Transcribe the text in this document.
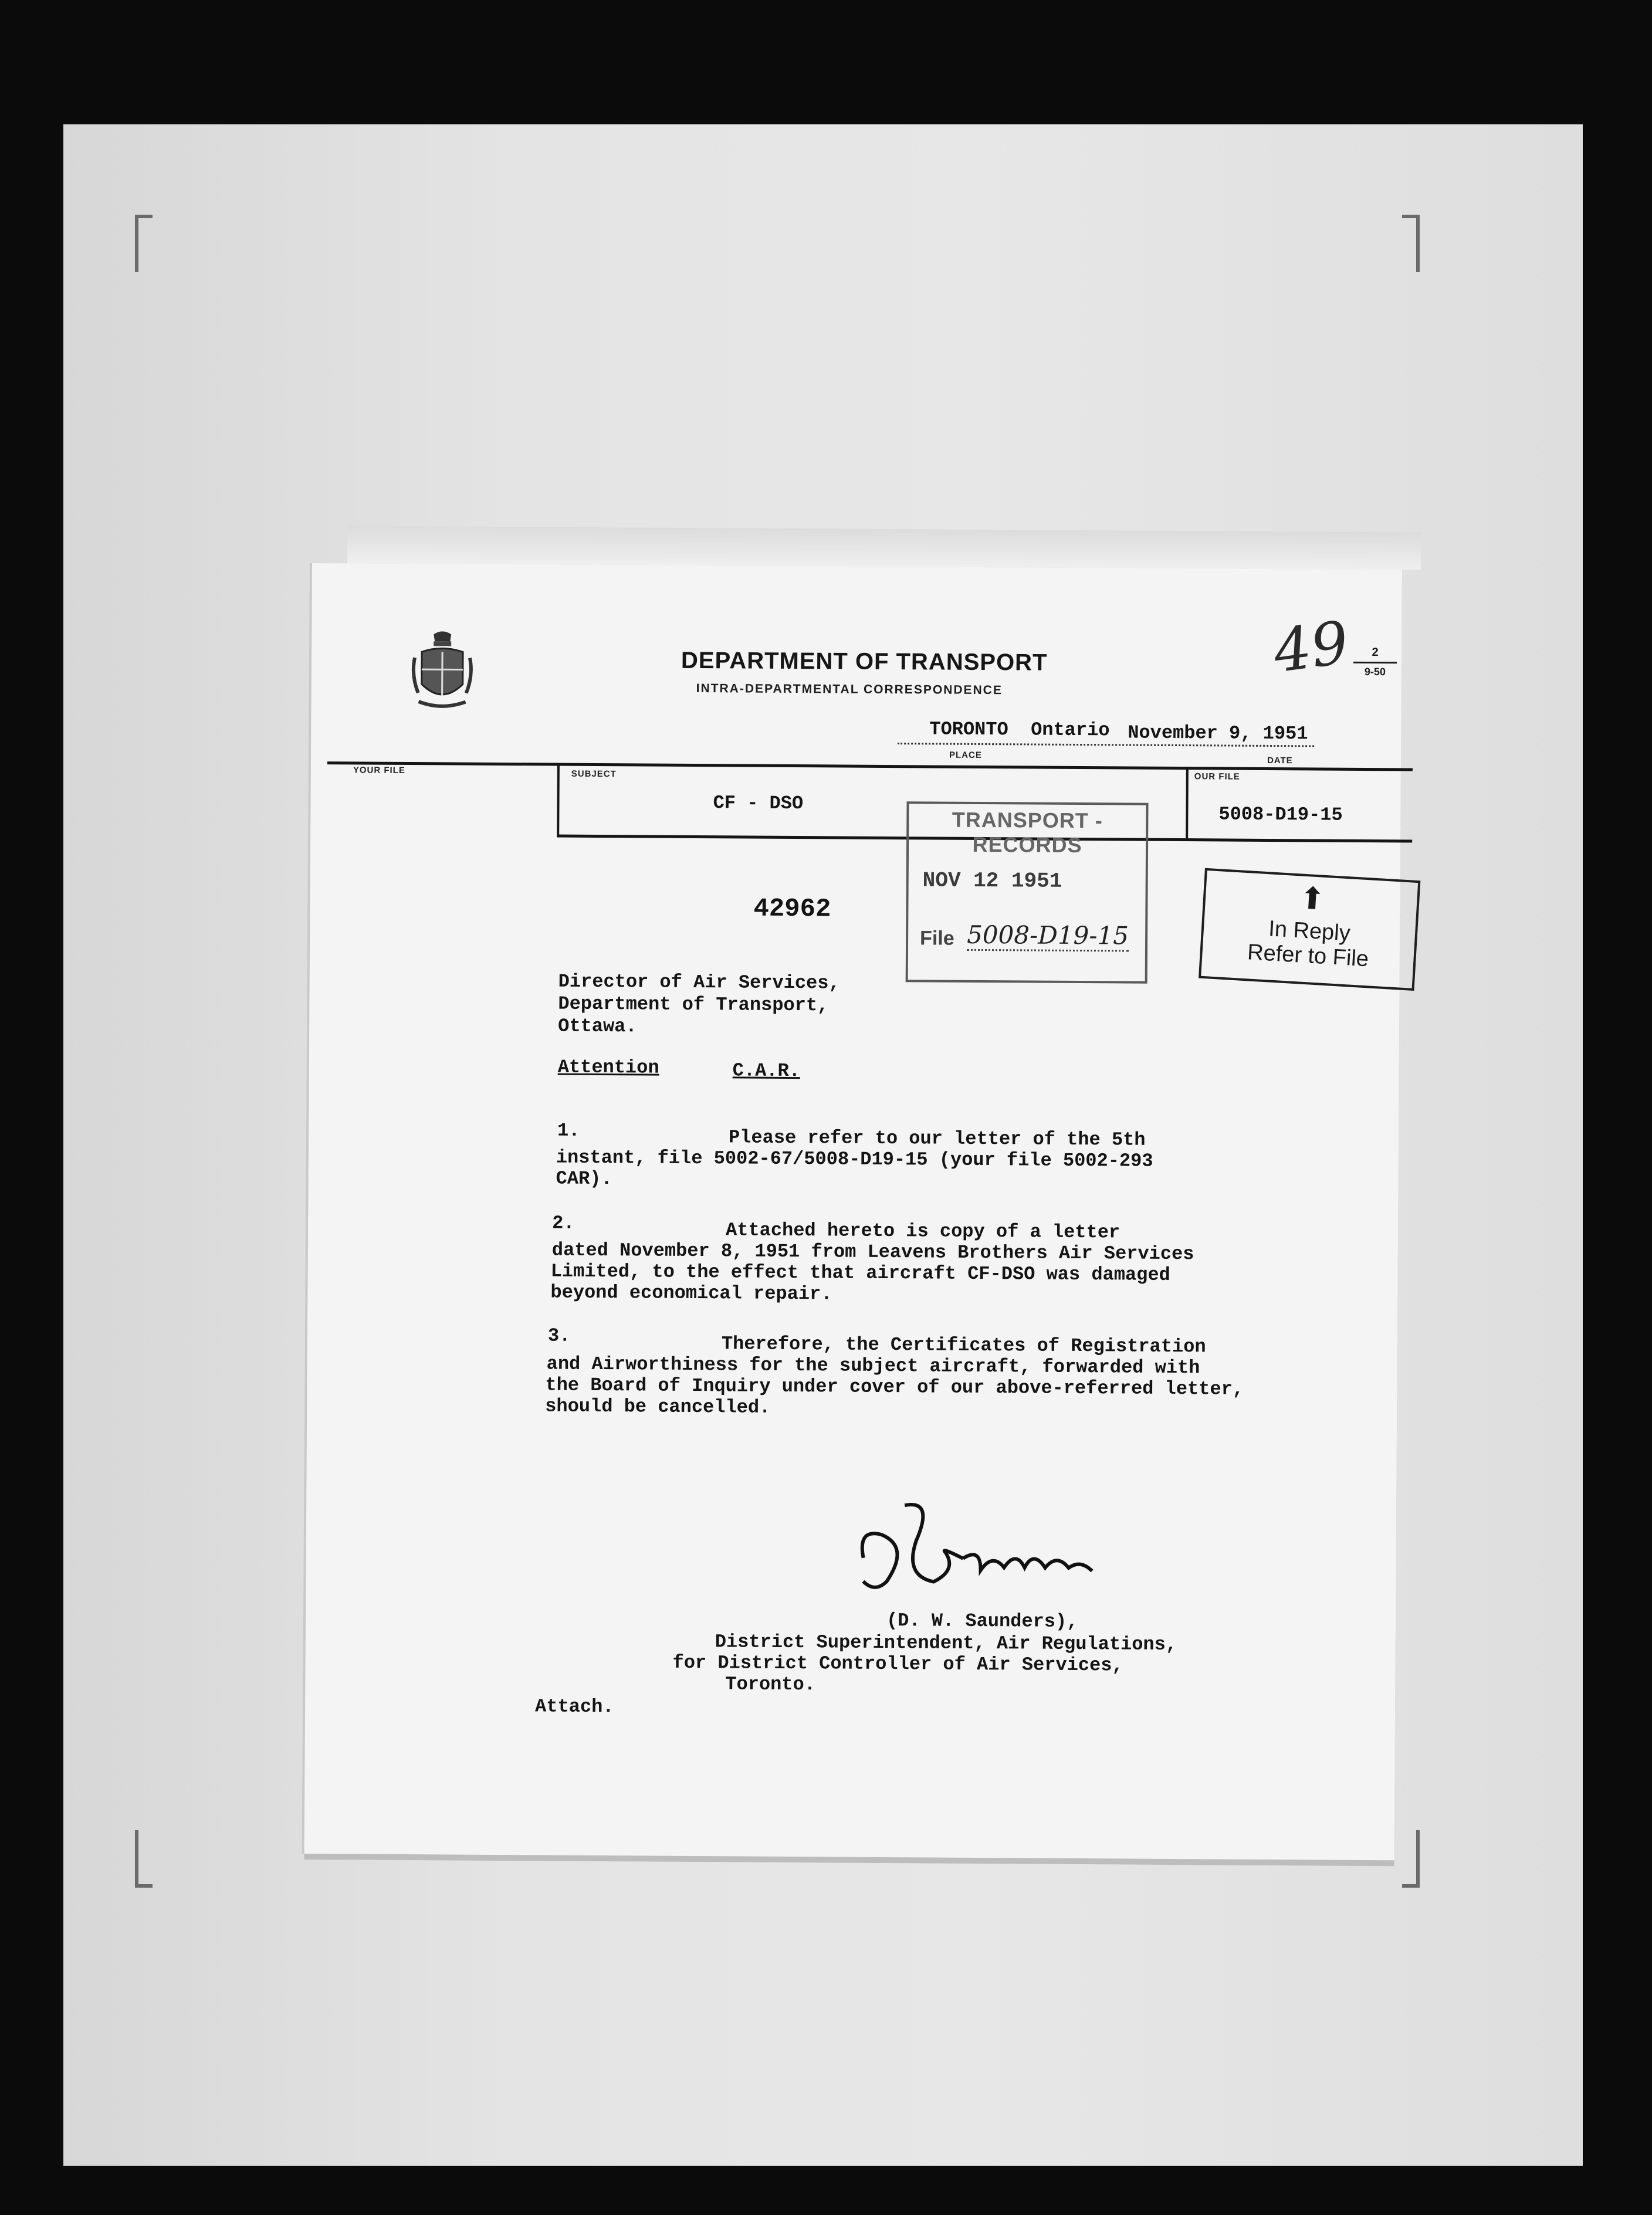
49
DEPARTMENT OF TRANSPORT
INTRA-DEPARTMENTAL CORRESPONDENCE
2
9-50
TORONTO  Ontario November 9, 1951
PLACE
DATE
YOUR FILE	SUBJECT
CF - DSO
OUR FILE
5008-D19-15
TRANSPORT - RECORDS
NOV 12 1951
File 5008-D19-15
⬆
In Reply
Refer to File
42962
Director of Air Services,
Department of Transport,
Ottawa.
Attention	C.A.R.
1.	Please refer to our letter of the 5th
instant, file 5002-67/5008-D19-15 (your file 5002-293
CAR).
2.	Attached hereto is copy of a letter
dated November 8, 1951 from Leavens Brothers Air Services
Limited, to the effect that aircraft CF-DSO was damaged
beyond economical repair.
3.	Therefore, the Certificates of Registration
and Airworthiness for the subject aircraft, forwarded with
the Board of Inquiry under cover of our above-referred letter,
should be cancelled.
(D. W. Saunders),
District Superintendent, Air Regulations,
for District Controller of Air Services,
Toronto.
Attach.
